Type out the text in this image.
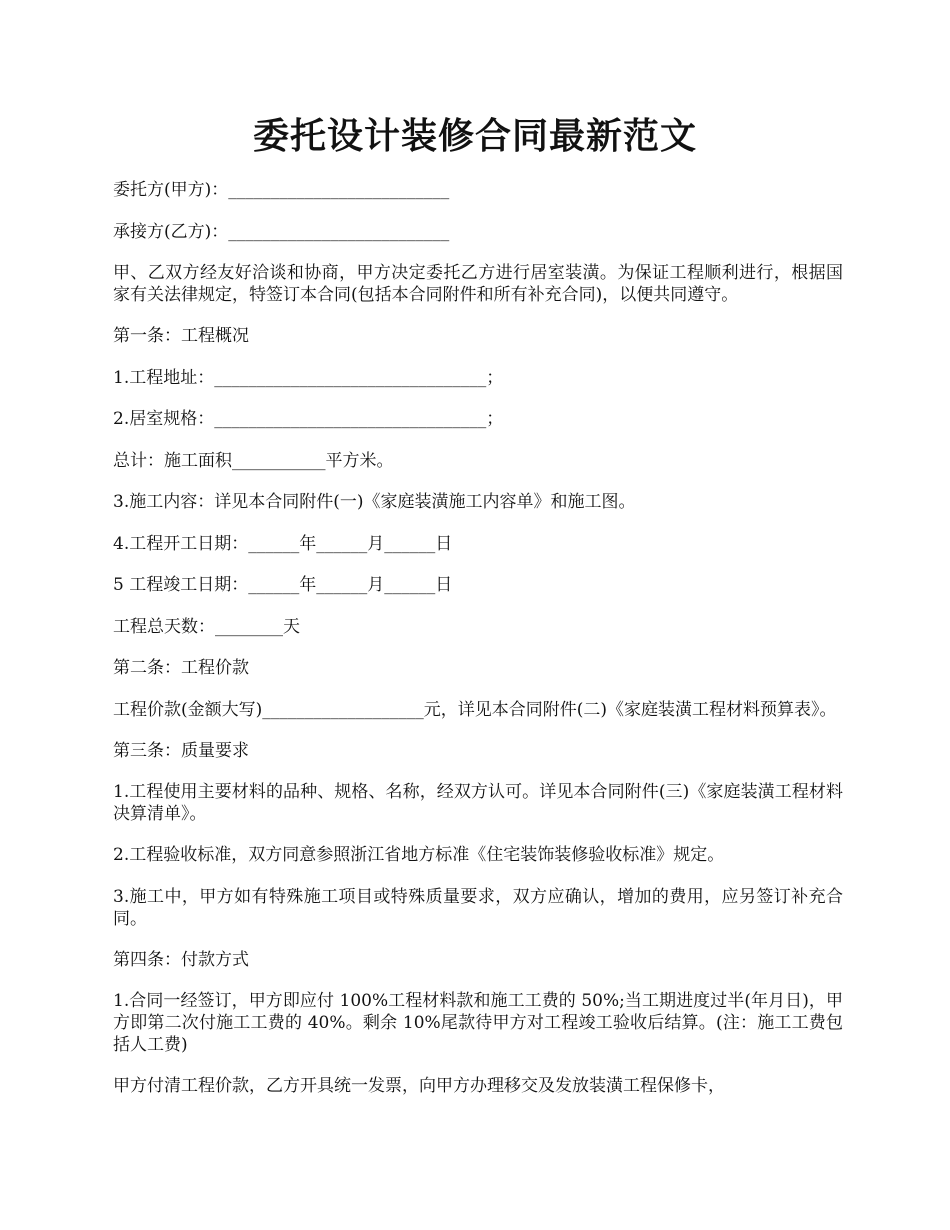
委托设计装修合同最新范文

委托方(甲方)：__________________________

承接方(乙方)：__________________________

甲、乙双方经友好洽谈和协商，甲方决定委托乙方进行居室装潢。为保证工程顺利进行，根据国家有关法律规定，特签订本合同(包括本合同附件和所有补充合同)，以便共同遵守。

第一条：工程概况

1.工程地址：________________________________；

2.居室规格：________________________________；

总计：施工面积___________平方米。

3.施工内容：详见本合同附件(一)《家庭装潢施工内容单》和施工图。

4.工程开工日期：______年______月______日

5 工程竣工日期：______年______月______日

工程总天数：________天

第二条：工程价款

工程价款(金额大写)___________________元，详见本合同附件(二)《家庭装潢工程材料预算表》。

第三条：质量要求

1.工程使用主要材料的品种、规格、名称，经双方认可。详见本合同附件(三)《家庭装潢工程材料决算清单》。

2.工程验收标准，双方同意参照浙江省地方标准《住宅装饰装修验收标准》规定。

3.施工中，甲方如有特殊施工项目或特殊质量要求，双方应确认，增加的费用，应另签订补充合同。

第四条：付款方式

1.合同一经签订，甲方即应付 100%工程材料款和施工工费的 50%;当工期进度过半(年月日)，甲方即第二次付施工工费的 40%。剩余 10%尾款待甲方对工程竣工验收后结算。(注：施工工费包括人工费)

甲方付清工程价款，乙方开具统一发票，向甲方办理移交及发放装潢工程保修卡，
